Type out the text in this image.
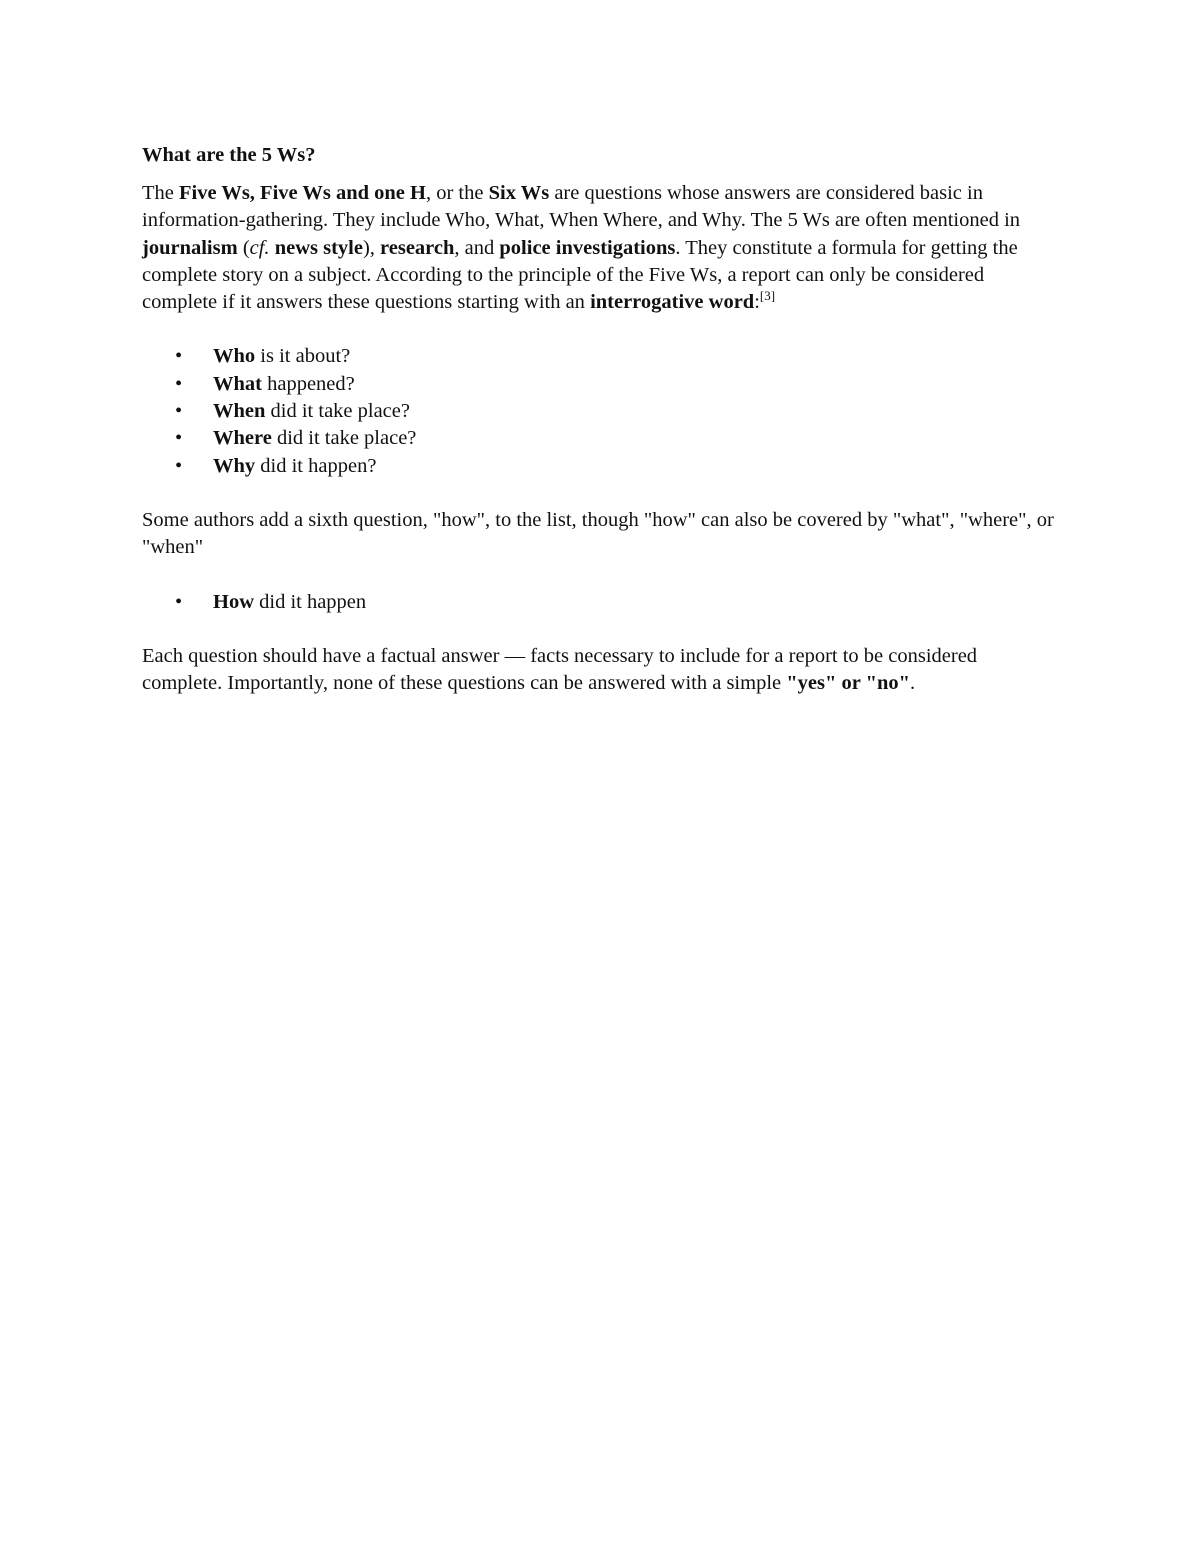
What are the 5 Ws?

The Five Ws, Five Ws and one H, or the Six Ws are questions whose answers are considered basic in information-gathering. They include Who, What, When Where, and Why. The 5 Ws are often mentioned in journalism (cf. news style), research, and police investigations. They constitute a formula for getting the complete story on a subject. According to the principle of the Five Ws, a report can only be considered complete if it answers these questions starting with an interrogative word:[3]

• Who is it about?
• What happened?
• When did it take place?
• Where did it take place?
• Why did it happen?

Some authors add a sixth question, "how", to the list, though "how" can also be covered by "what", "where", or "when"

• How did it happen

Each question should have a factual answer — facts necessary to include for a report to be considered complete. Importantly, none of these questions can be answered with a simple "yes" or "no".
